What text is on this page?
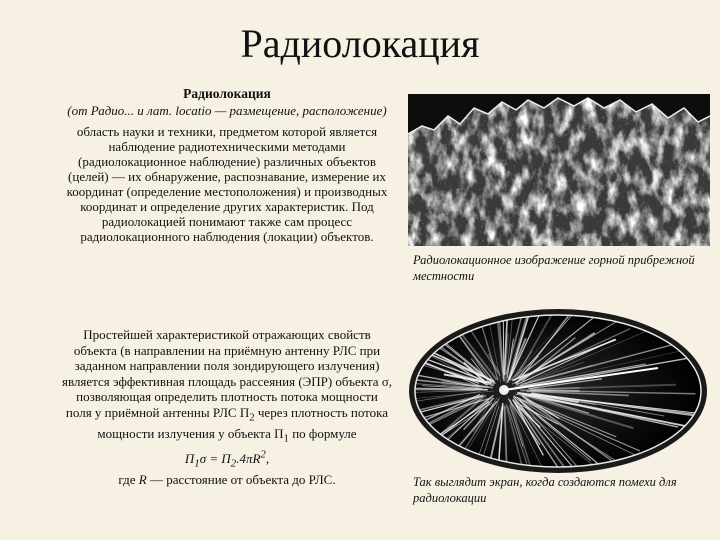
Радиолокация
Радиолокация
(от Радио... и лат. locatio — размещение, расположение)
область науки и техники, предметом которой является наблюдение радиотехническими методами (радиолокационное наблюдение) различных объектов (целей) — их обнаружение, распознавание, измерение их координат (определение местоположения) и производных координат и определение других характеристик. Под радиолокацией понимают также сам процесс радиолокационного наблюдения (локации) объектов.
Простейшей характеристикой отражающих свойств объекта (в направлении на приёмную антенну РЛС при заданном направлении поля зондирующего излучения) является эффективная площадь рассеяния (ЭПР) объекта σ, позволяющая определить плотность потока мощности поля у приёмной антенны РЛС $П_2$ через плотность потока мощности излучения у объекта $П_1$ по формуле
$П_1\sigma = П_2.4\pi R^2$,
где R — расстояние от объекта до РЛС.
Радиолокационное изображение горной прибрежной местности
Так выглядит экран, когда создаются помехи для радиолокации
